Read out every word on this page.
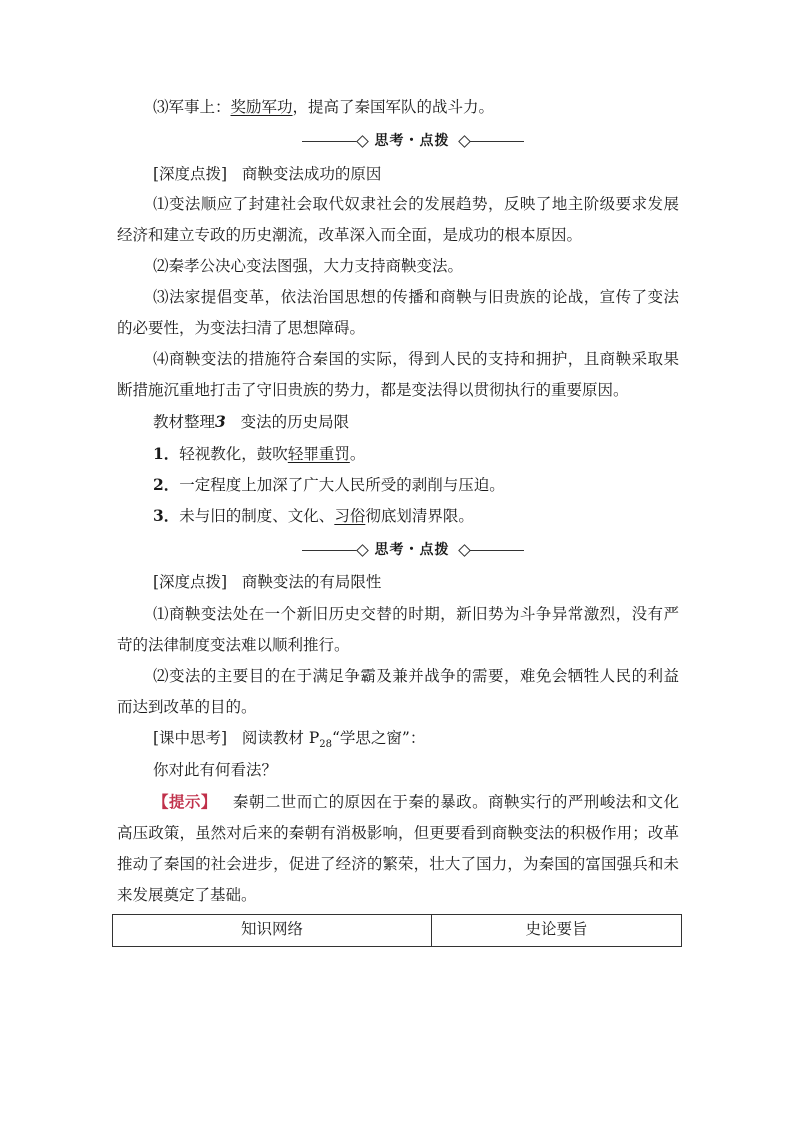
⑶军事上：奖励军功，提高了秦国军队的战斗力。
思考・点拨
[深度点拨] 商鞅变法成功的原因
⑴变法顺应了封建社会取代奴隶社会的发展趋势，反映了地主阶级要求发展经济和建立专政的历史潮流，改革深入而全面，是成功的根本原因。
⑵秦孝公决心变法图强，大力支持商鞅变法。
⑶法家提倡变革，依法治国思想的传播和商鞅与旧贵族的论战，宣传了变法的必要性，为变法扫清了思想障碍。
⑷商鞅变法的措施符合秦国的实际，得到人民的支持和拥护，且商鞅采取果断措施沉重地打击了守旧贵族的势力，都是变法得以贯彻执行的重要原因。
教材整理3 变法的历史局限
1．轻视教化，鼓吹轻罪重罚。
2．一定程度上加深了广大人民所受的剥削与压迫。
3．未与旧的制度、文化、习俗彻底划清界限。
思考・点拨
[深度点拨] 商鞅变法的有局限性
⑴商鞅变法处在一个新旧历史交替的时期，新旧势为斗争异常激烈，没有严苛的法律制度变法难以顺利推行。
⑵变法的主要目的在于满足争霸及兼并战争的需要，难免会牺牲人民的利益而达到改革的目的。
[课中思考] 阅读教材 $P_{28}“$学思之窗”：
你对此有何看法？
【提示】 秦朝二世而亡的原因在于秦的暴政。商鞅实行的严刑峻法和文化高压政策，虽然对后来的秦朝有消极影响，但更要看到商鞅变法的积极作用；改革推动了秦国的社会进步，促进了经济的繁荣，壮大了国力，为秦国的富国强兵和未来发展奠定了基础。
知识网络	史论要旨
